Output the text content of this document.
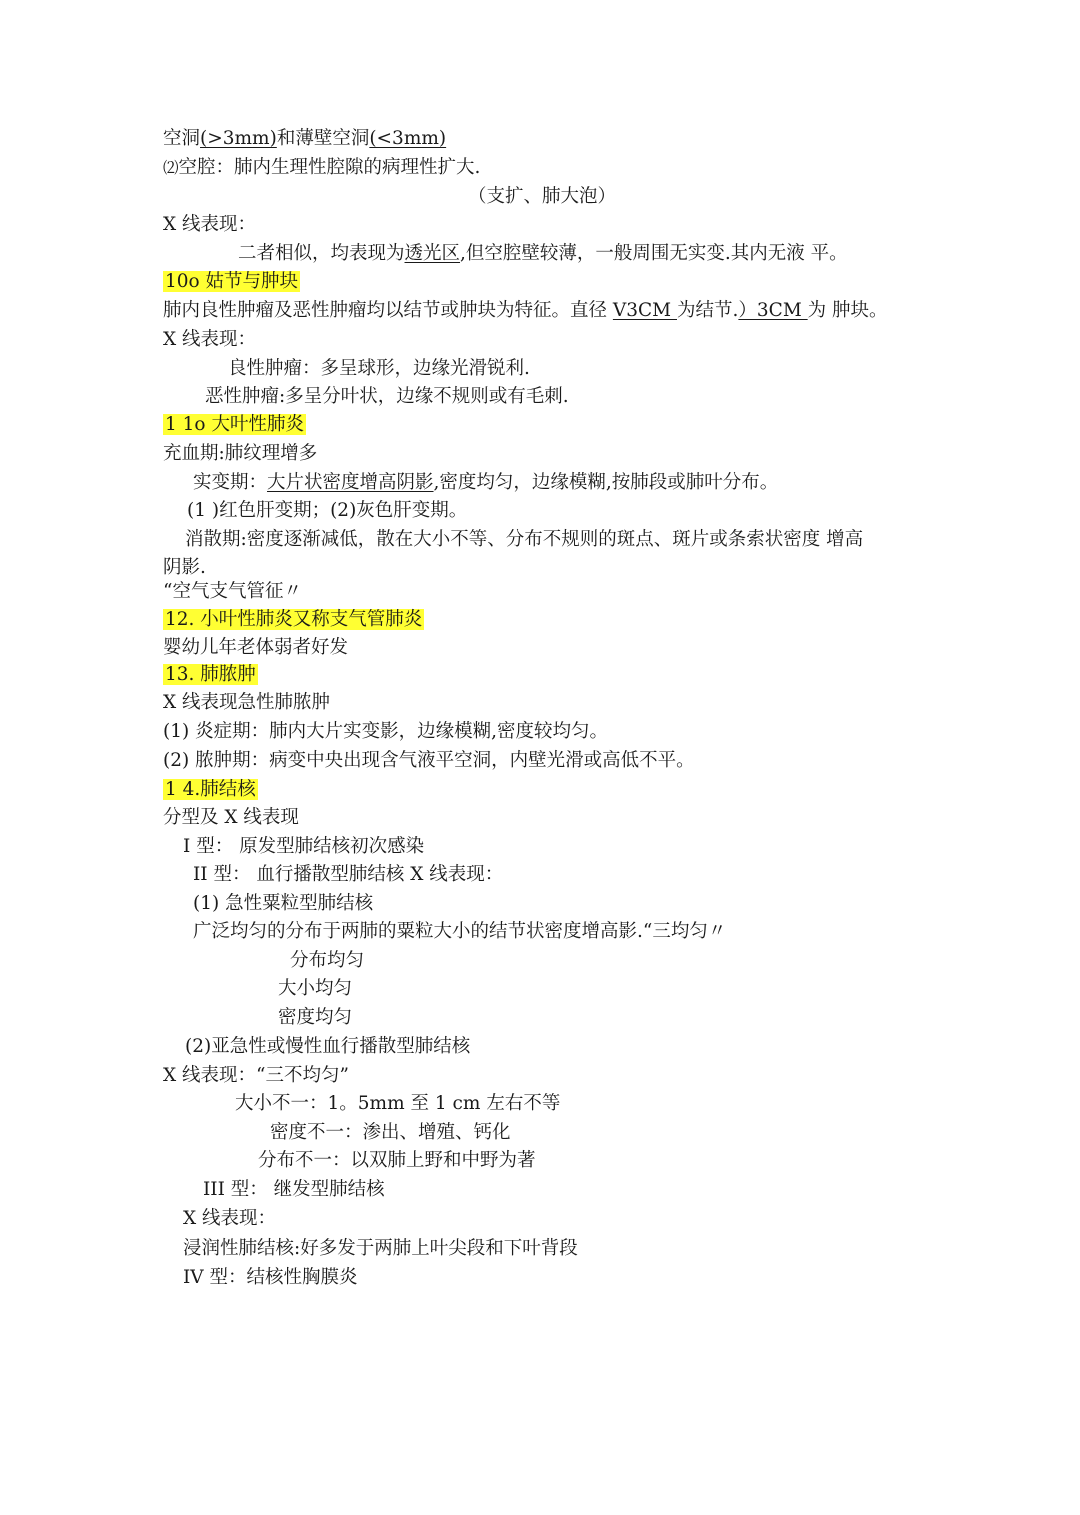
空洞(>3mm)和薄壁空洞(<3mm)
⑵空腔：肺内生理性腔隙的病理性扩大.
（支扩、肺大泡）
X 线表现：
二者相似，均表现为透光区,但空腔壁较薄，一般周围无实变.其内无液 平。
10o 姑节与肿块
肺内良性肿瘤及恶性肿瘤均以结节或肿块为特征。直径 V3CM 为结节.）3CM 为 肿块。
X 线表现：
良性肿瘤：多呈球形，边缘光滑锐利.
恶性肿瘤:多呈分叶状，边缘不规则或有毛刺.
1 1o 大叶性肺炎
充血期:肺纹理增多
实变期：大片状密度增高阴影,密度均匀，边缘模糊,按肺段或肺叶分布。
(1 )红色肝变期；(2)灰色肝变期。
消散期:密度逐渐减低，散在大小不等、分布不规则的斑点、斑片或条索状密度 增高
阴影.
“空气支气管征〃
12. 小叶性肺炎又称支气管肺炎
婴幼儿年老体弱者好发
13. 肺脓肿
X 线表现急性肺脓肿
(1) 炎症期：肺内大片实变影，边缘模糊,密度较均匀。
(2) 脓肿期：病变中央出现含气液平空洞，内壁光滑或高低不平。
1 4.肺结核
分型及 X 线表现
I 型： 原发型肺结核初次感染
II 型： 血行播散型肺结核 X 线表现：
(1) 急性粟粒型肺结核
广泛均匀的分布于两肺的粟粒大小的结节状密度增高影.“三均匀〃
分布均匀
大小均匀
密度均匀
(2)亚急性或慢性血行播散型肺结核
X 线表现：“三不均匀”
大小不一：1。5mm 至 1 cm 左右不等
密度不一：渗出、增殖、钙化
分布不一：以双肺上野和中野为著
III 型： 继发型肺结核
X 线表现：
浸润性肺结核:好多发于两肺上叶尖段和下叶背段
IV 型：结核性胸膜炎
